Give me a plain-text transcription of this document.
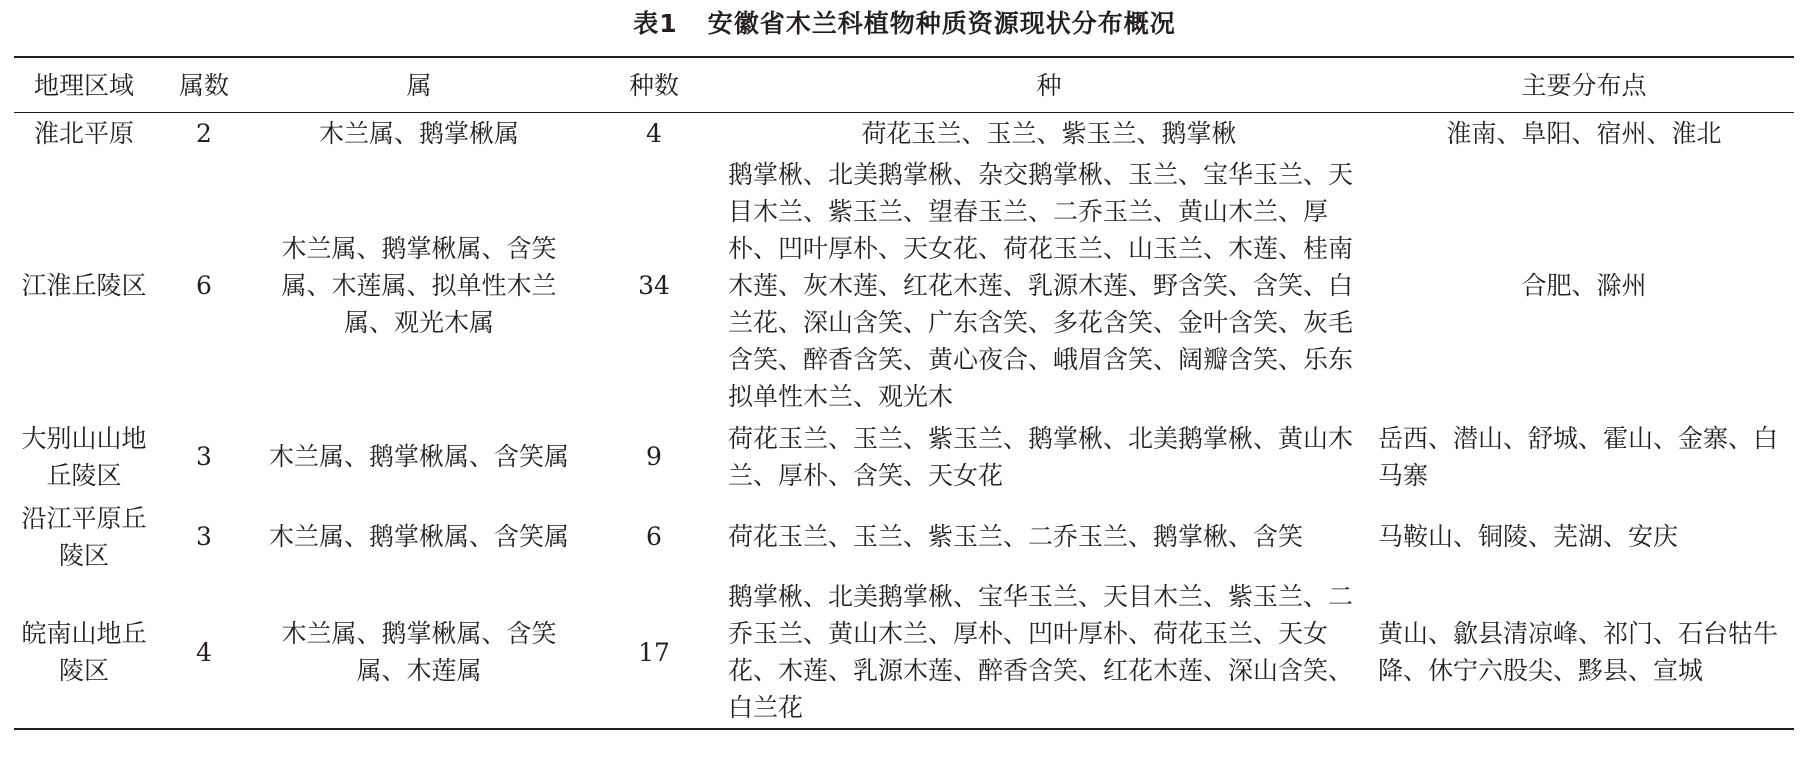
表1 安徽省木兰科植物种质资源现状分布概况
地理区域	属数	属	种数	种	主要分布点
淮北平原	2	木兰属、鹅掌楸属	4	荷花玉兰、玉兰、紫玉兰、鹅掌楸	淮南、阜阳、宿州、淮北
江淮丘陵区	6	木兰属、鹅掌楸属、含笑属、木莲属、拟单性木兰属、观光木属	34	鹅掌楸、北美鹅掌楸、杂交鹅掌楸、玉兰、宝华玉兰、天目木兰、紫玉兰、望春玉兰、二乔玉兰、黄山木兰、厚朴、凹叶厚朴、天女花、荷花玉兰、山玉兰、木莲、桂南木莲、灰木莲、红花木莲、乳源木莲、野含笑、含笑、白兰花、深山含笑、广东含笑、多花含笑、金叶含笑、灰毛含笑、醉香含笑、黄心夜合、峨眉含笑、阔瓣含笑、乐东拟单性木兰、观光木	合肥、滁州
大别山山地丘陵区	3	木兰属、鹅掌楸属、含笑属	9	荷花玉兰、玉兰、紫玉兰、鹅掌楸、北美鹅掌楸、黄山木兰、厚朴、含笑、天女花	岳西、潜山、舒城、霍山、金寨、白马寨
沿江平原丘陵区	3	木兰属、鹅掌楸属、含笑属	6	荷花玉兰、玉兰、紫玉兰、二乔玉兰、鹅掌楸、含笑	马鞍山、铜陵、芜湖、安庆
皖南山地丘陵区	4	木兰属、鹅掌楸属、含笑属、木莲属	17	鹅掌楸、北美鹅掌楸、宝华玉兰、天目木兰、紫玉兰、二乔玉兰、黄山木兰、厚朴、凹叶厚朴、荷花玉兰、天女花、木莲、乳源木莲、醉香含笑、红花木莲、深山含笑、白兰花	黄山、歙县清凉峰、祁门、石台牯牛降、休宁六股尖、黟县、宣城
